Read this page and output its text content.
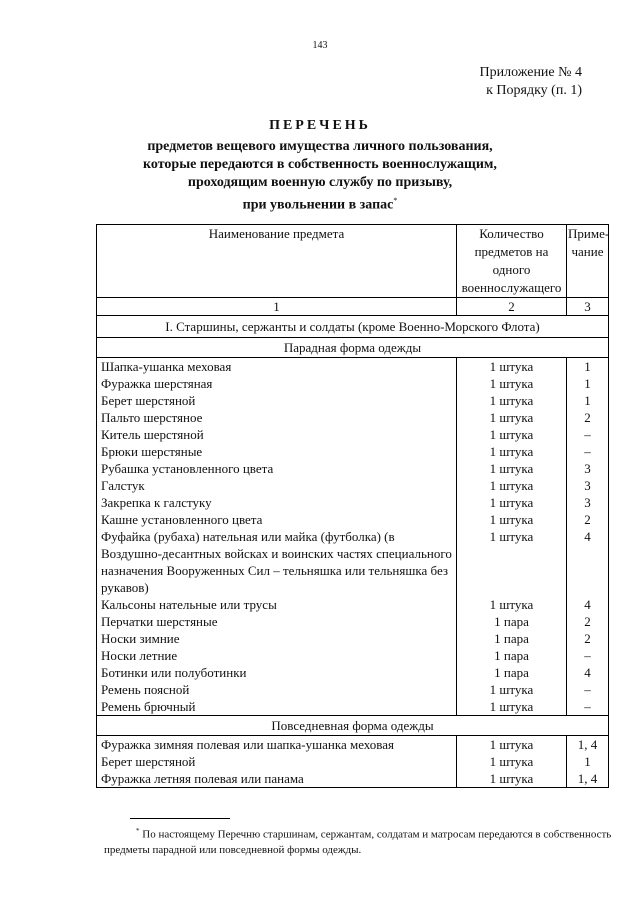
143
Приложение № 4
к Порядку (п. 1)
ПЕРЕЧЕНЬ
предметов вещевого имущества личного пользования,
которые передаются в собственность военнослужащим,
проходящим военную службу по призыву,
при увольнении в запас*
Наименование предмета	Количество предметов на одного военнослужащего	Приме-чание
1	2	3
I. Старшины, сержанты и солдаты (кроме Военно-Морского Флота)		
Парадная форма одежды		
Шапка-ушанка меховая	1 штука	1
Фуражка шерстяная	1 штука	1
Берет шерстяной	1 штука	1
Пальто шерстяное	1 штука	2
Китель шерстяной	1 штука	–
Брюки шерстяные	1 штука	–
Рубашка установленного цвета	1 штука	3
Галстук	1 штука	3
Закрепка к галстуку	1 штука	3
Кашне установленного цвета	1 штука	2
Фуфайка (рубаха) нательная или майка (футболка) (в Воздушно-десантных войсках и воинских частях специального назначения Вооруженных Сил – тельняшка или тельняшка без рукавов)	1 штука	4
Кальсоны нательные или трусы	1 штука	4
Перчатки шерстяные	1 пара	2
Носки зимние	1 пара	2
Носки летние	1 пара	–
Ботинки или полуботинки	1 пара	4
Ремень поясной	1 штука	–
Ремень брючный	1 штука	–
Повседневная форма одежды		
Фуражка зимняя полевая или шапка-ушанка меховая	1 штука	1, 4
Берет шерстяной	1 штука	1
Фуражка летняя полевая или панама	1 штука	1, 4
* По настоящему Перечню старшинам, сержантам, солдатам и матросам передаются в собственность предметы парадной или повседневной формы одежды.
